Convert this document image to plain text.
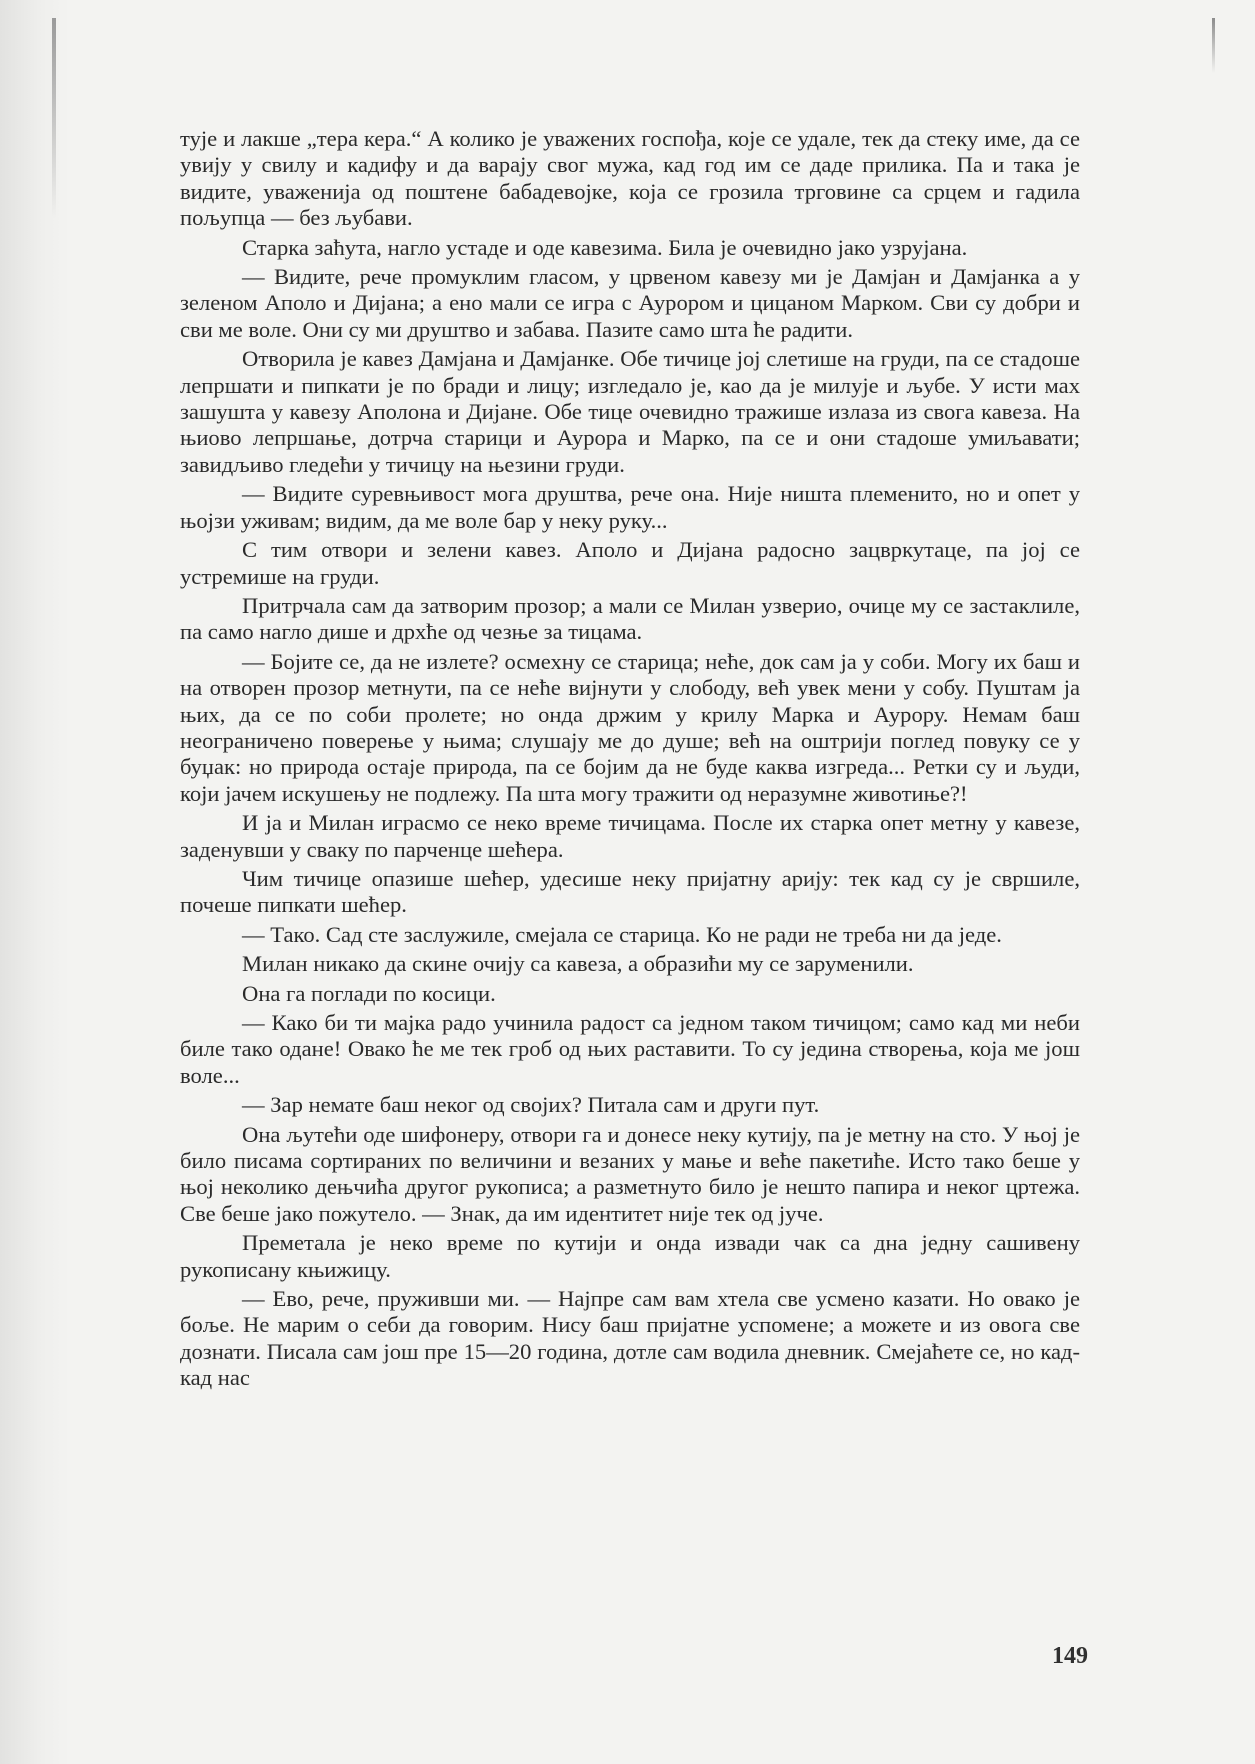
тује и лакше „тера кера.“ А колико је уважених госпођа, које се удале, тек да стеку име, да се увију у свилу и кадифу и да варају свог мужа, кад год им се даде прилика. Па и така је видите, уваженија од поштене бабадевојке, која се грозила трговине са срцем и гадила пољупца — без љубави.

Старка заћута, нагло устаде и оде кавезима. Била је очевидно јако узрујана.

— Видите, рече промуклим гласом, у црвеном кавезу ми је Дамјан и Дамјанка а у зеленом Аполо и Дијана; а ено мали се игра с Аурором и цицаном Марком. Сви су добри и сви ме воле. Они су ми друштво и забава. Пазите само шта ће радити.

Отворила је кавез Дамјана и Дамјанке. Обе тичице јој слетише на груди, па се стадоше лепршати и пипкати је по бради и лицу; изгледало је, као да је милује и љубе. У исти мах зашушта у кавезу Аполона и Дијане. Обе тице очевидно тражише излаза из свога кавеза. На њиово лепршање, дотрча старици и Аурора и Марко, па се и они стадоше умиљавати; завидљиво гледећи у тичицу на њезини груди.

— Видите суревњивост мога друштва, рече она. Није ништа племенито, но и опет у њојзи уживам; видим, да ме воле бар у неку руку...

С тим отвори и зелени кавез. Аполо и Дијана радосно зацвркутаце, па јој се устремише на груди.

Притрчала сам да затворим прозор; а мали се Милан узверио, очице му се застаклиле, па само нагло дише и дрхће од чезње за тицама.

— Бојите се, да не излете? осмехну се старица; неће, док сам ја у соби. Могу их баш и на отворен прозор метнути, па се неће вијнути у слободу, већ увек мени у собу. Пуштам ја њих, да се по соби пролете; но онда држим у крилу Марка и Аурору. Немам баш неограничено поверење у њима; слушају ме до душе; већ на оштрији поглед повуку се у буџак: но природа остаје природа, па се бојим да не буде каква изгреда... Ретки су и људи, који јачем искушењу не подлежу. Па шта могу тражити од неразумне животиње?!

И ја и Милан играсмо се неко време тичицама. После их старка опет метну у кавезе, заденувши у сваку по парченце шећера.

Чим тичице опазише шећер, удесише неку пријатну арију: тек кад су је свршиле, почеше пипкати шећер.

— Тако. Сад сте заслужиле, смејала се старица. Ко не ради не треба ни да једе.

Милан никако да скине очију са кавеза, а образићи му се заруменили.

Она га поглади по косици.

— Како би ти мајка радо учинила радост са једном таком тичицом; само кад ми неби биле тако одане! Овако ће ме тек гроб од њих раставити. То су једина створења, која ме још воле...

— Зар немате баш неког од својих? Питала сам и други пут.

Она љутећи оде шифонеру, отвори га и донесе неку кутију, па је метну на сто. У њој је било писама сортираних по величини и везаних у мање и веће пакетиће. Исто тако беше у њој неколико дењчића другог рукописа; а разметнуто било је нешто папира и неког цртежа. Све беше јако пожутело. — Знак, да им идентитет није тек од јуче.

Преметала је неко време по кутији и онда извади чак са дна једну сашивену рукописану књижицу.

— Ево, рече, пруживши ми. — Најпре сам вам хтела све усмено казати. Но овако је боље. Не марим о себи да говорим. Нису баш пријатне успомене; а можете и из овога све дознати. Писала сам још пре 15—20 година, дотле сам водила дневник. Смејаћете се, но кад-кад нас

149
